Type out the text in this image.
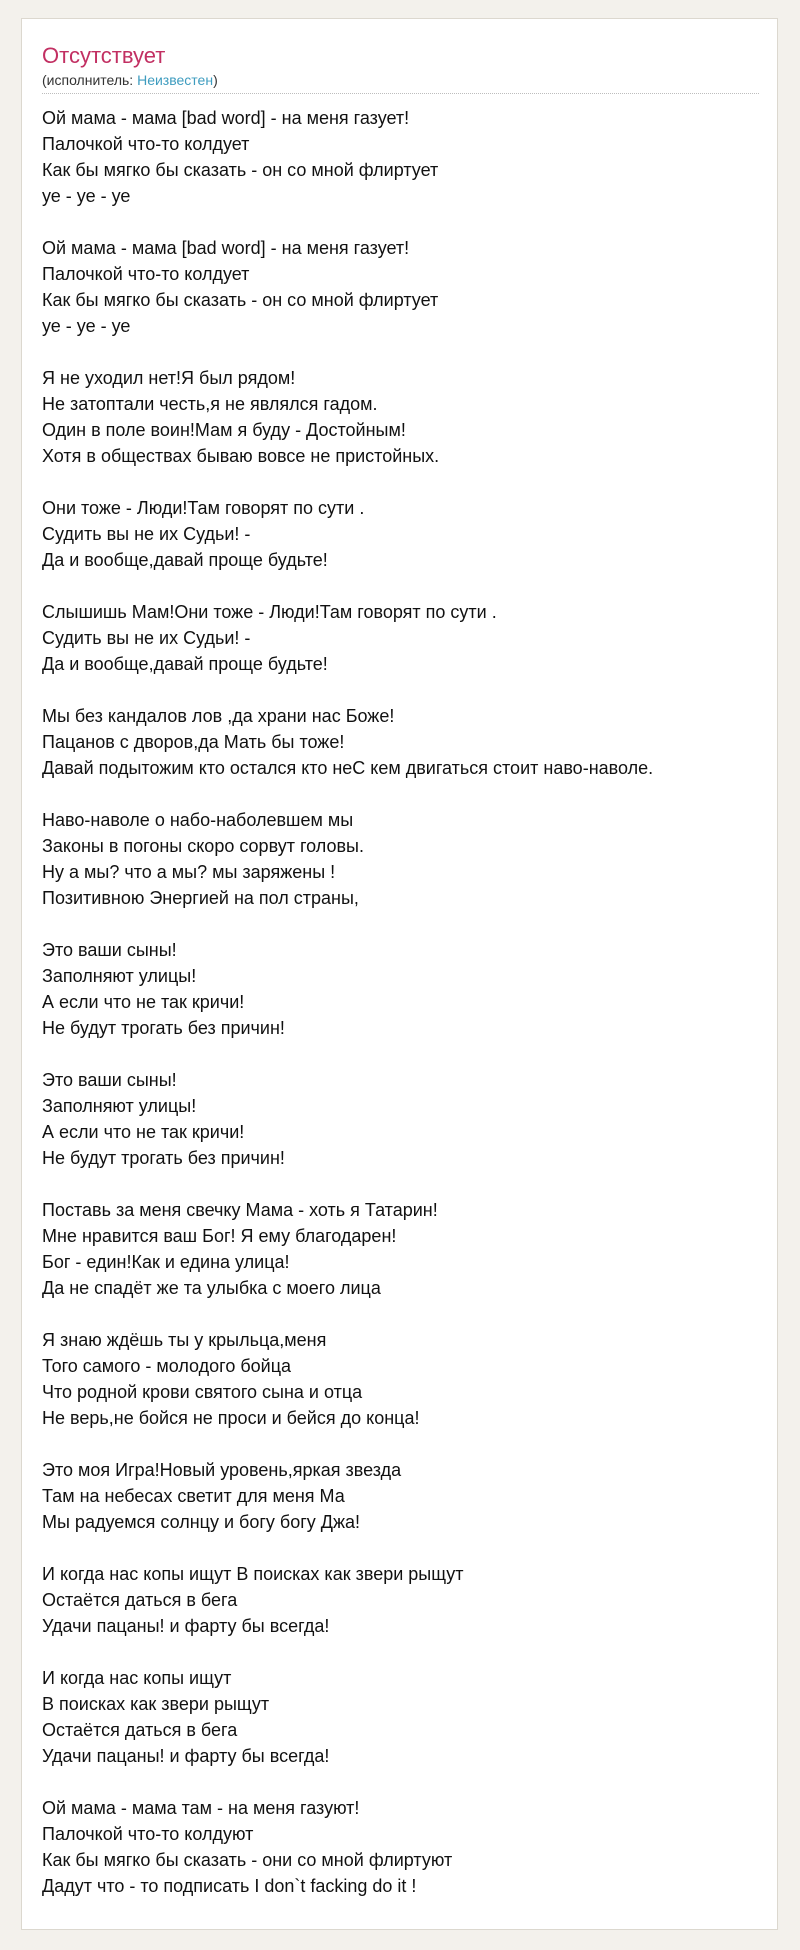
Отсутствует
(исполнитель: Неизвестен)
Ой мама - мама [bad word] - на меня газует!
Палочкой что-то колдует
Как бы мягко бы сказать - он со мной флиртует
уе - уе - уе
Ой мама - мама [bad word] - на меня газует!
Палочкой что-то колдует
Как бы мягко бы сказать - он со мной флиртует
уе - уе - уе
Я не уходил нет!Я был рядом!
Не затоптали честь,я не являлся гадом.
Один в поле воин!Мам я буду - Достойным!
Хотя в обществах бываю вовсе не пристойных.
Они тоже - Люди!Там говорят по сути .
Судить вы не их Судьи! -
Да и вообще,давай проще будьте!
Слышишь Мам!Они тоже - Люди!Там говорят по сути .
Судить вы не их Судьи! -
Да и вообще,давай проще будьте!
Мы без кандалов лов ,да храни нас Боже!
Пацанов с дворов,да Мать бы тоже!
Давай подытожим кто остался кто неС кем двигаться стоит наво-наволе.
Наво-наволе о набо-наболевшем мы
Законы в погоны скоро сорвут головы.
Ну а мы? что а мы? мы заряжены !
Позитивною Энергией на пол страны,
Это ваши сыны!
Заполняют улицы!
А если что не так кричи!
Не будут трогать без причин!
Это ваши сыны!
Заполняют улицы!
А если что не так кричи!
Не будут трогать без причин!
Поставь за меня свечку Мама - хоть я Татарин!
Мне нравится ваш Бог! Я ему благодарен!
Бог - един!Как и едина улица!
Да не спадёт же та улыбка с моего лица
Я знаю ждёшь ты у крыльца,меня
Того самого - молодого бойца
Что родной крови святого сына и отца
Не верь,не бойся не проси и бейся до конца!
Это моя Игра!Новый уровень,яркая звезда
Там на небесах светит для меня Ма
Мы радуемся солнцу и богу богу Джа!
И когда нас копы ищут В поисках как звери рыщут
Остаётся даться в бега
Удачи пацаны! и фарту бы всегда!
И когда нас копы ищут
В поисках как звери рыщут
Остаётся даться в бега
Удачи пацаны! и фарту бы всегда!
Ой мама - мама там - на меня газуют!
Палочкой что-то колдуют
Как бы мягко бы сказать - они со мной флиртуют
Дадут что - то подписать I don`t facking do it !
